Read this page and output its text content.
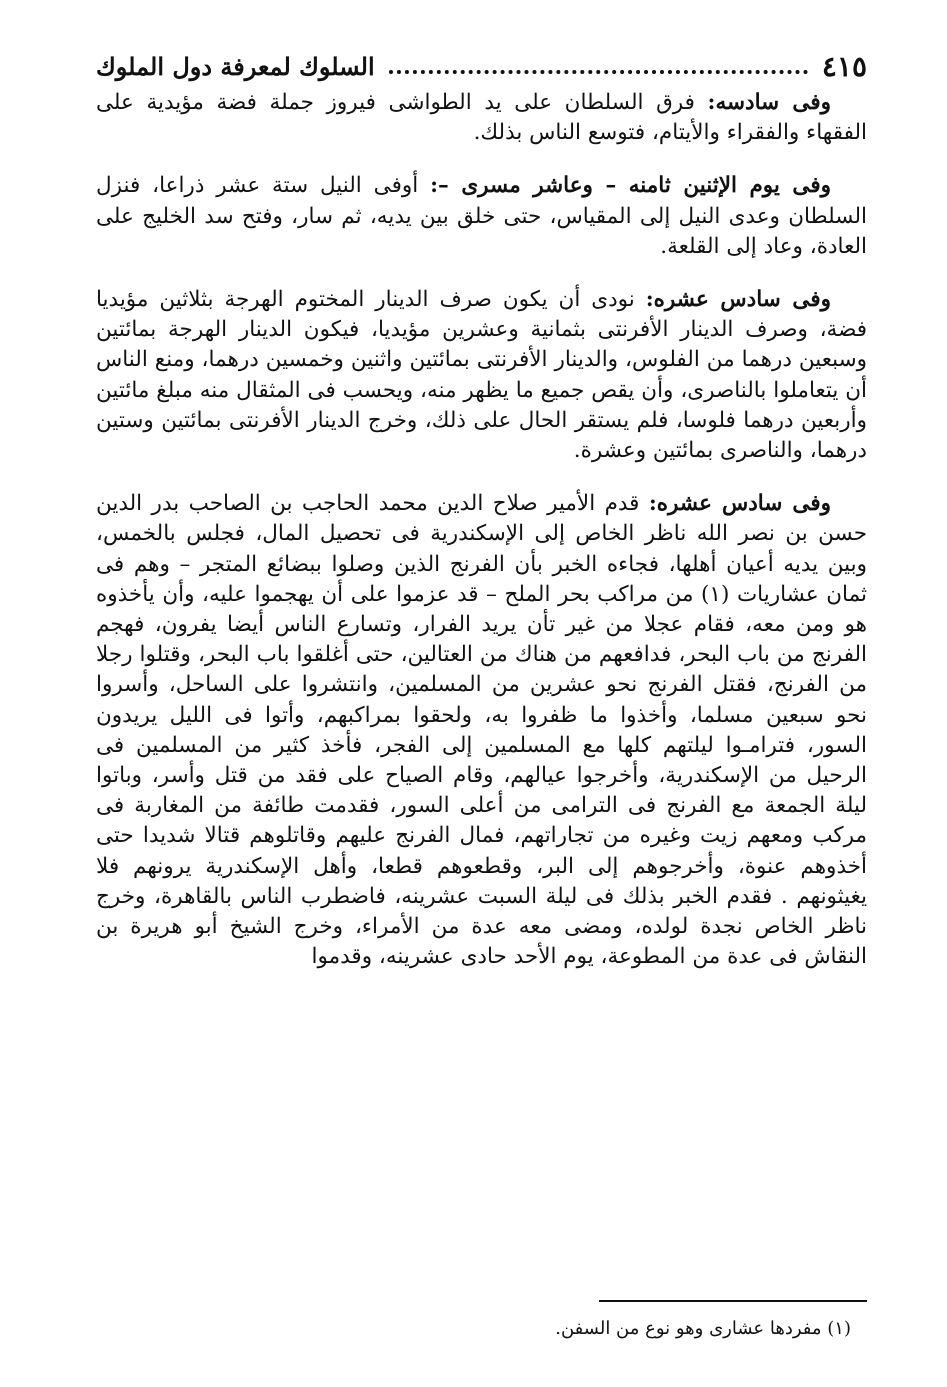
السلوك لمعرفة دول الملوك	٤١٥

وفى سادسه: فرق السلطان على يد الطواشى فيروز جملة فضة مؤيدية على الفقهاء والفقراء والأيتام، فتوسع الناس بذلك.

وفى يوم الإثنين ثامنه – وعاشر مسرى –: أوفى النيل ستة عشر ذراعا، فنزل السلطان وعدى النيل إلى المقياس، حتى خلق بين يديه، ثم سار، وفتح سد الخليج على العادة، وعاد إلى القلعة.

وفى سادس عشره: نودى أن يكون صرف الدينار المختوم الهرجة بثلاثين مؤيديا فضة، وصرف الدينار الأفرنتى بثمانية وعشرين مؤيديا، فيكون الدينار الهرجة بمائتين وسبعين درهما من الفلوس، والدينار الأفرنتى بمائتين واثنين وخمسين درهما، ومنع الناس أن يتعاملوا بالناصرى، وأن يقص جميع ما يظهر منه، ويحسب فى المثقال منه مبلغ مائتين وأربعين درهما فلوسا، فلم يستقر الحال على ذلك، وخرج الدينار الأفرنتى بمائتين وستين درهما، والناصرى بمائتين وعشرة.

وفى سادس عشره: قدم الأمير صلاح الدين محمد الحاجب بن الصاحب بدر الدين حسن بن نصر الله ناظر الخاص إلى الإسكندرية فى تحصيل المال، فجلس بالخمس، وبين يديه أعيان أهلها، فجاءه الخبر بأن الفرنج الذين وصلوا ببضائع المتجر – وهم فى ثمان عشاريات (١) من مراكب بحر الملح – قد عزموا على أن يهجموا عليه، وأن يأخذوه هو ومن معه، فقام عجلا من غير تأن يريد الفرار، وتسارع الناس أيضا يفرون، فهجم الفرنج من باب البحر، فدافعهم من هناك من العتالين، حتى أغلقوا باب البحر، وقتلوا رجلا من الفرنج، فقتل الفرنج نحو عشرين من المسلمين، وانتشروا على الساحل، وأسروا نحو سبعين مسلما، وأخذوا ما ظفروا به، ولحقوا بمراكبهم، وأتوا فى الليل يريدون السور، فترامـوا ليلتهم كلها مع المسلمين إلى الفجر، فأخذ كثير من المسلمين فى الرحيل من الإسكندرية، وأخرجوا عيالهم، وقام الصياح على فقد من قتل وأسر، وباتوا ليلة الجمعة مع الفرنج فى الترامى من أعلى السور، فقدمت طائفة من المغاربة فى مركب ومعهم زيت وغيره من تجاراتهم، فمال الفرنج عليهم وقاتلوهم قتالا شديدا حتى أخذوهم عنوة، وأخرجوهم إلى البر، وقطعوهم قطعا، وأهل الإسكندرية يرونهم فلا يغيثونهم . فقدم الخبر بذلك فى ليلة السبت عشرينه، فاضطرب الناس بالقاهرة، وخرج ناظر الخاص نجدة لولده، ومضى معه عدة من الأمراء، وخرج الشيخ أبو هريرة بن النقاش فى عدة من المطوعة، يوم الأحد حادى عشرينه، وقدموا

(١) مفردها عشارى وهو نوع من السفن.
